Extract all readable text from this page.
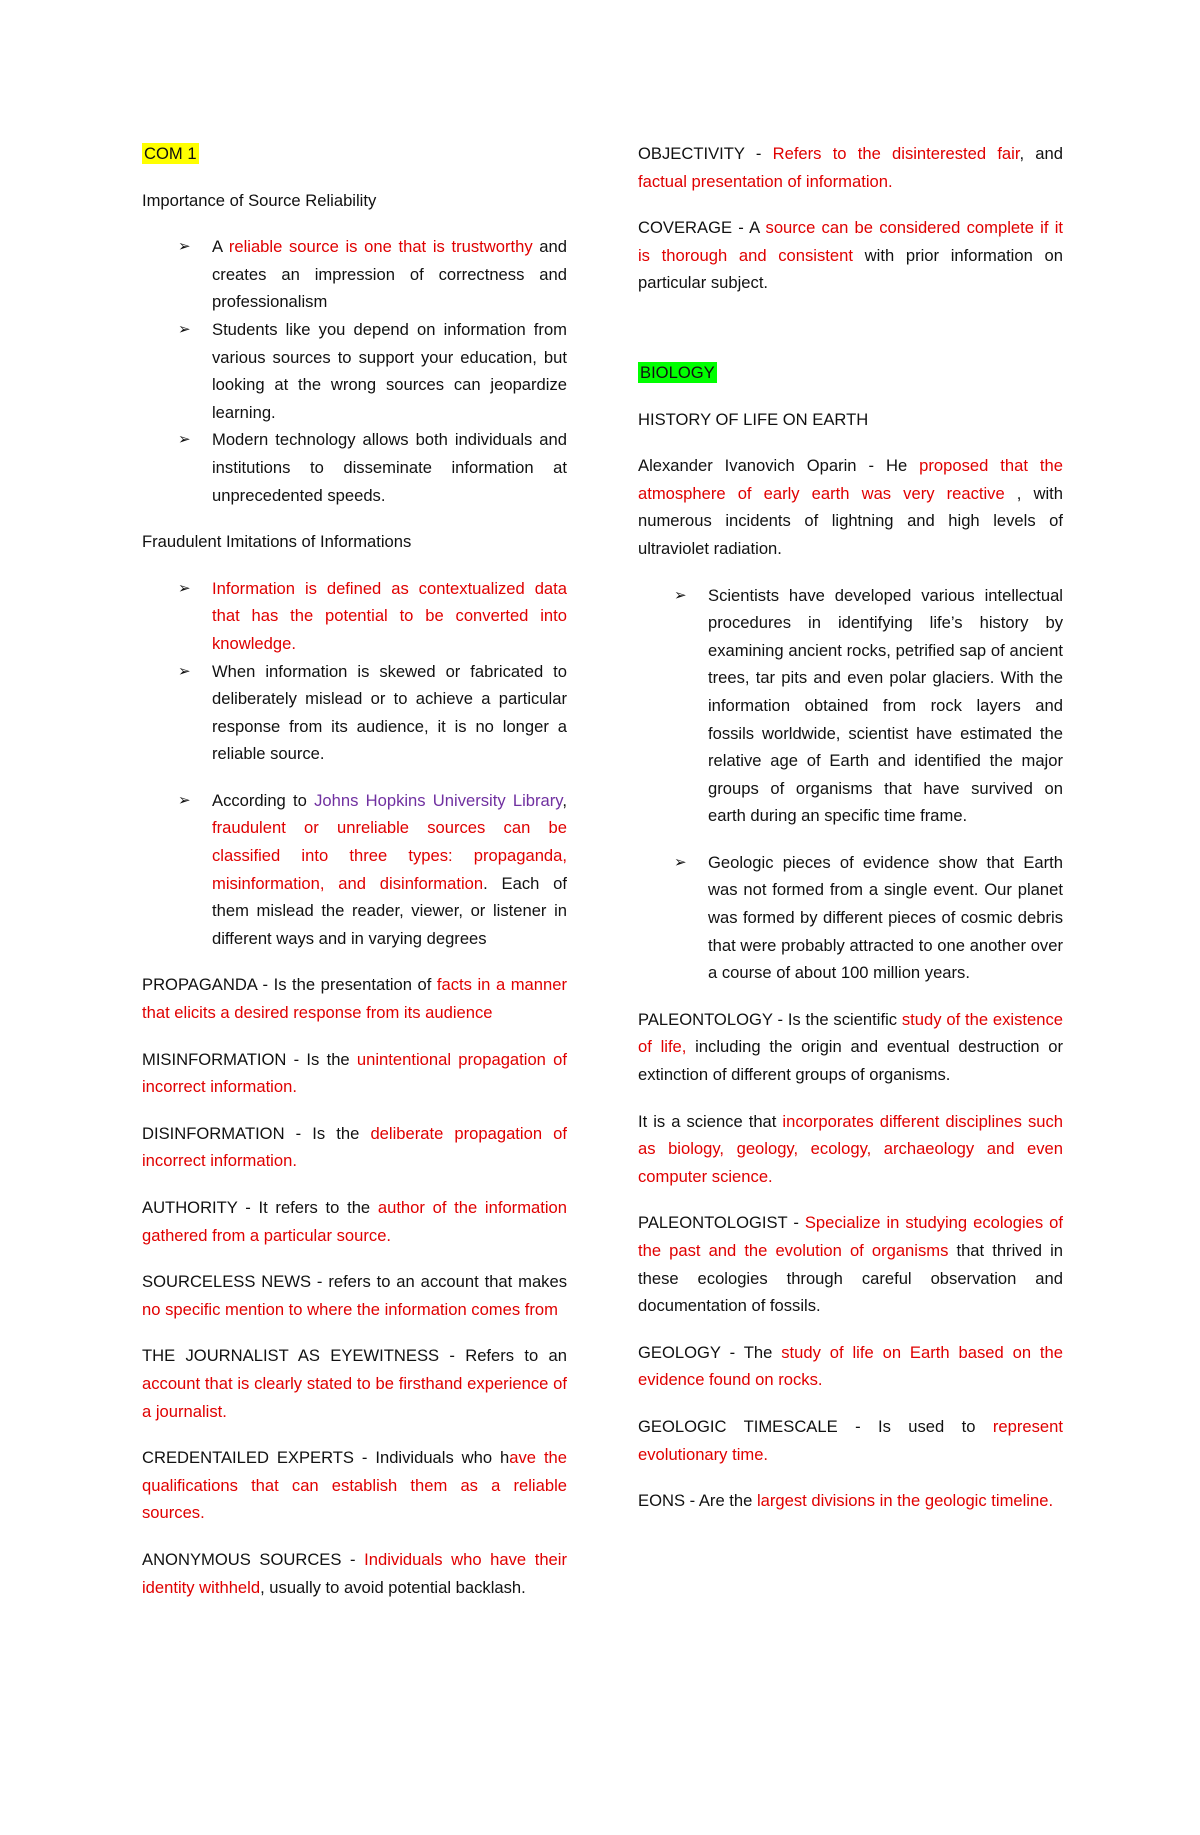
COM 1

Importance of Source Reliability

➢ A reliable source is one that is trustworthy and creates an impression of correctness and professionalism
➢ Students like you depend on information from various sources to support your education, but looking at the wrong sources can jeopardize learning.
➢ Modern technology allows both individuals and institutions to disseminate information at unprecedented speeds.

Fraudulent Imitations of Informations

➢ Information is defined as contextualized data that has the potential to be converted into knowledge.
➢ When information is skewed or fabricated to deliberately mislead or to achieve a particular response from its audience, it is no longer a reliable source.
➢ According to Johns Hopkins University Library, fraudulent or unreliable sources can be classified into three types: propaganda, misinformation, and disinformation. Each of them mislead the reader, viewer, or listener in different ways and in varying degrees

PROPAGANDA - Is the presentation of facts in a manner that elicits a desired response from its audience

MISINFORMATION - Is the unintentional propagation of incorrect information.

DISINFORMATION - Is the deliberate propagation of incorrect information.

AUTHORITY - It refers to the author of the information gathered from a particular source.

SOURCELESS NEWS - refers to an account that makes no specific mention to where the information comes from

THE JOURNALIST AS EYEWITNESS - Refers to an account that is clearly stated to be firsthand experience of a journalist.

CREDENTAILED EXPERTS - Individuals who have the qualifications that can establish them as a reliable sources.

ANONYMOUS SOURCES - Individuals who have their identity withheld, usually to avoid potential backlash.

OBJECTIVITY - Refers to the disinterested fair, and factual presentation of information.

COVERAGE - A source can be considered complete if it is thorough and consistent with prior information on particular subject.

BIOLOGY

HISTORY OF LIFE ON EARTH

Alexander Ivanovich Oparin - He proposed that the atmosphere of early earth was very reactive , with numerous incidents of lightning and high levels of ultraviolet radiation.

➢ Scientists have developed various intellectual procedures in identifying life’s history by examining ancient rocks, petrified sap of ancient trees, tar pits and even polar glaciers. With the information obtained from rock layers and fossils worldwide, scientist have estimated the relative age of Earth and identified the major groups of organisms that have survived on earth during an specific time frame.
➢ Geologic pieces of evidence show that Earth was not formed from a single event. Our planet was formed by different pieces of cosmic debris that were probably attracted to one another over a course of about 100 million years.

PALEONTOLOGY - Is the scientific study of the existence of life, including the origin and eventual destruction or extinction of different groups of organisms.

It is a science that incorporates different disciplines such as biology, geology, ecology, archaeology and even computer science.

PALEONTOLOGIST - Specialize in studying ecologies of the past and the evolution of organisms that thrived in these ecologies through careful observation and documentation of fossils.

GEOLOGY - The study of life on Earth based on the evidence found on rocks.

GEOLOGIC TIMESCALE - Is used to represent evolutionary time.

EONS - Are the largest divisions in the geologic timeline.
